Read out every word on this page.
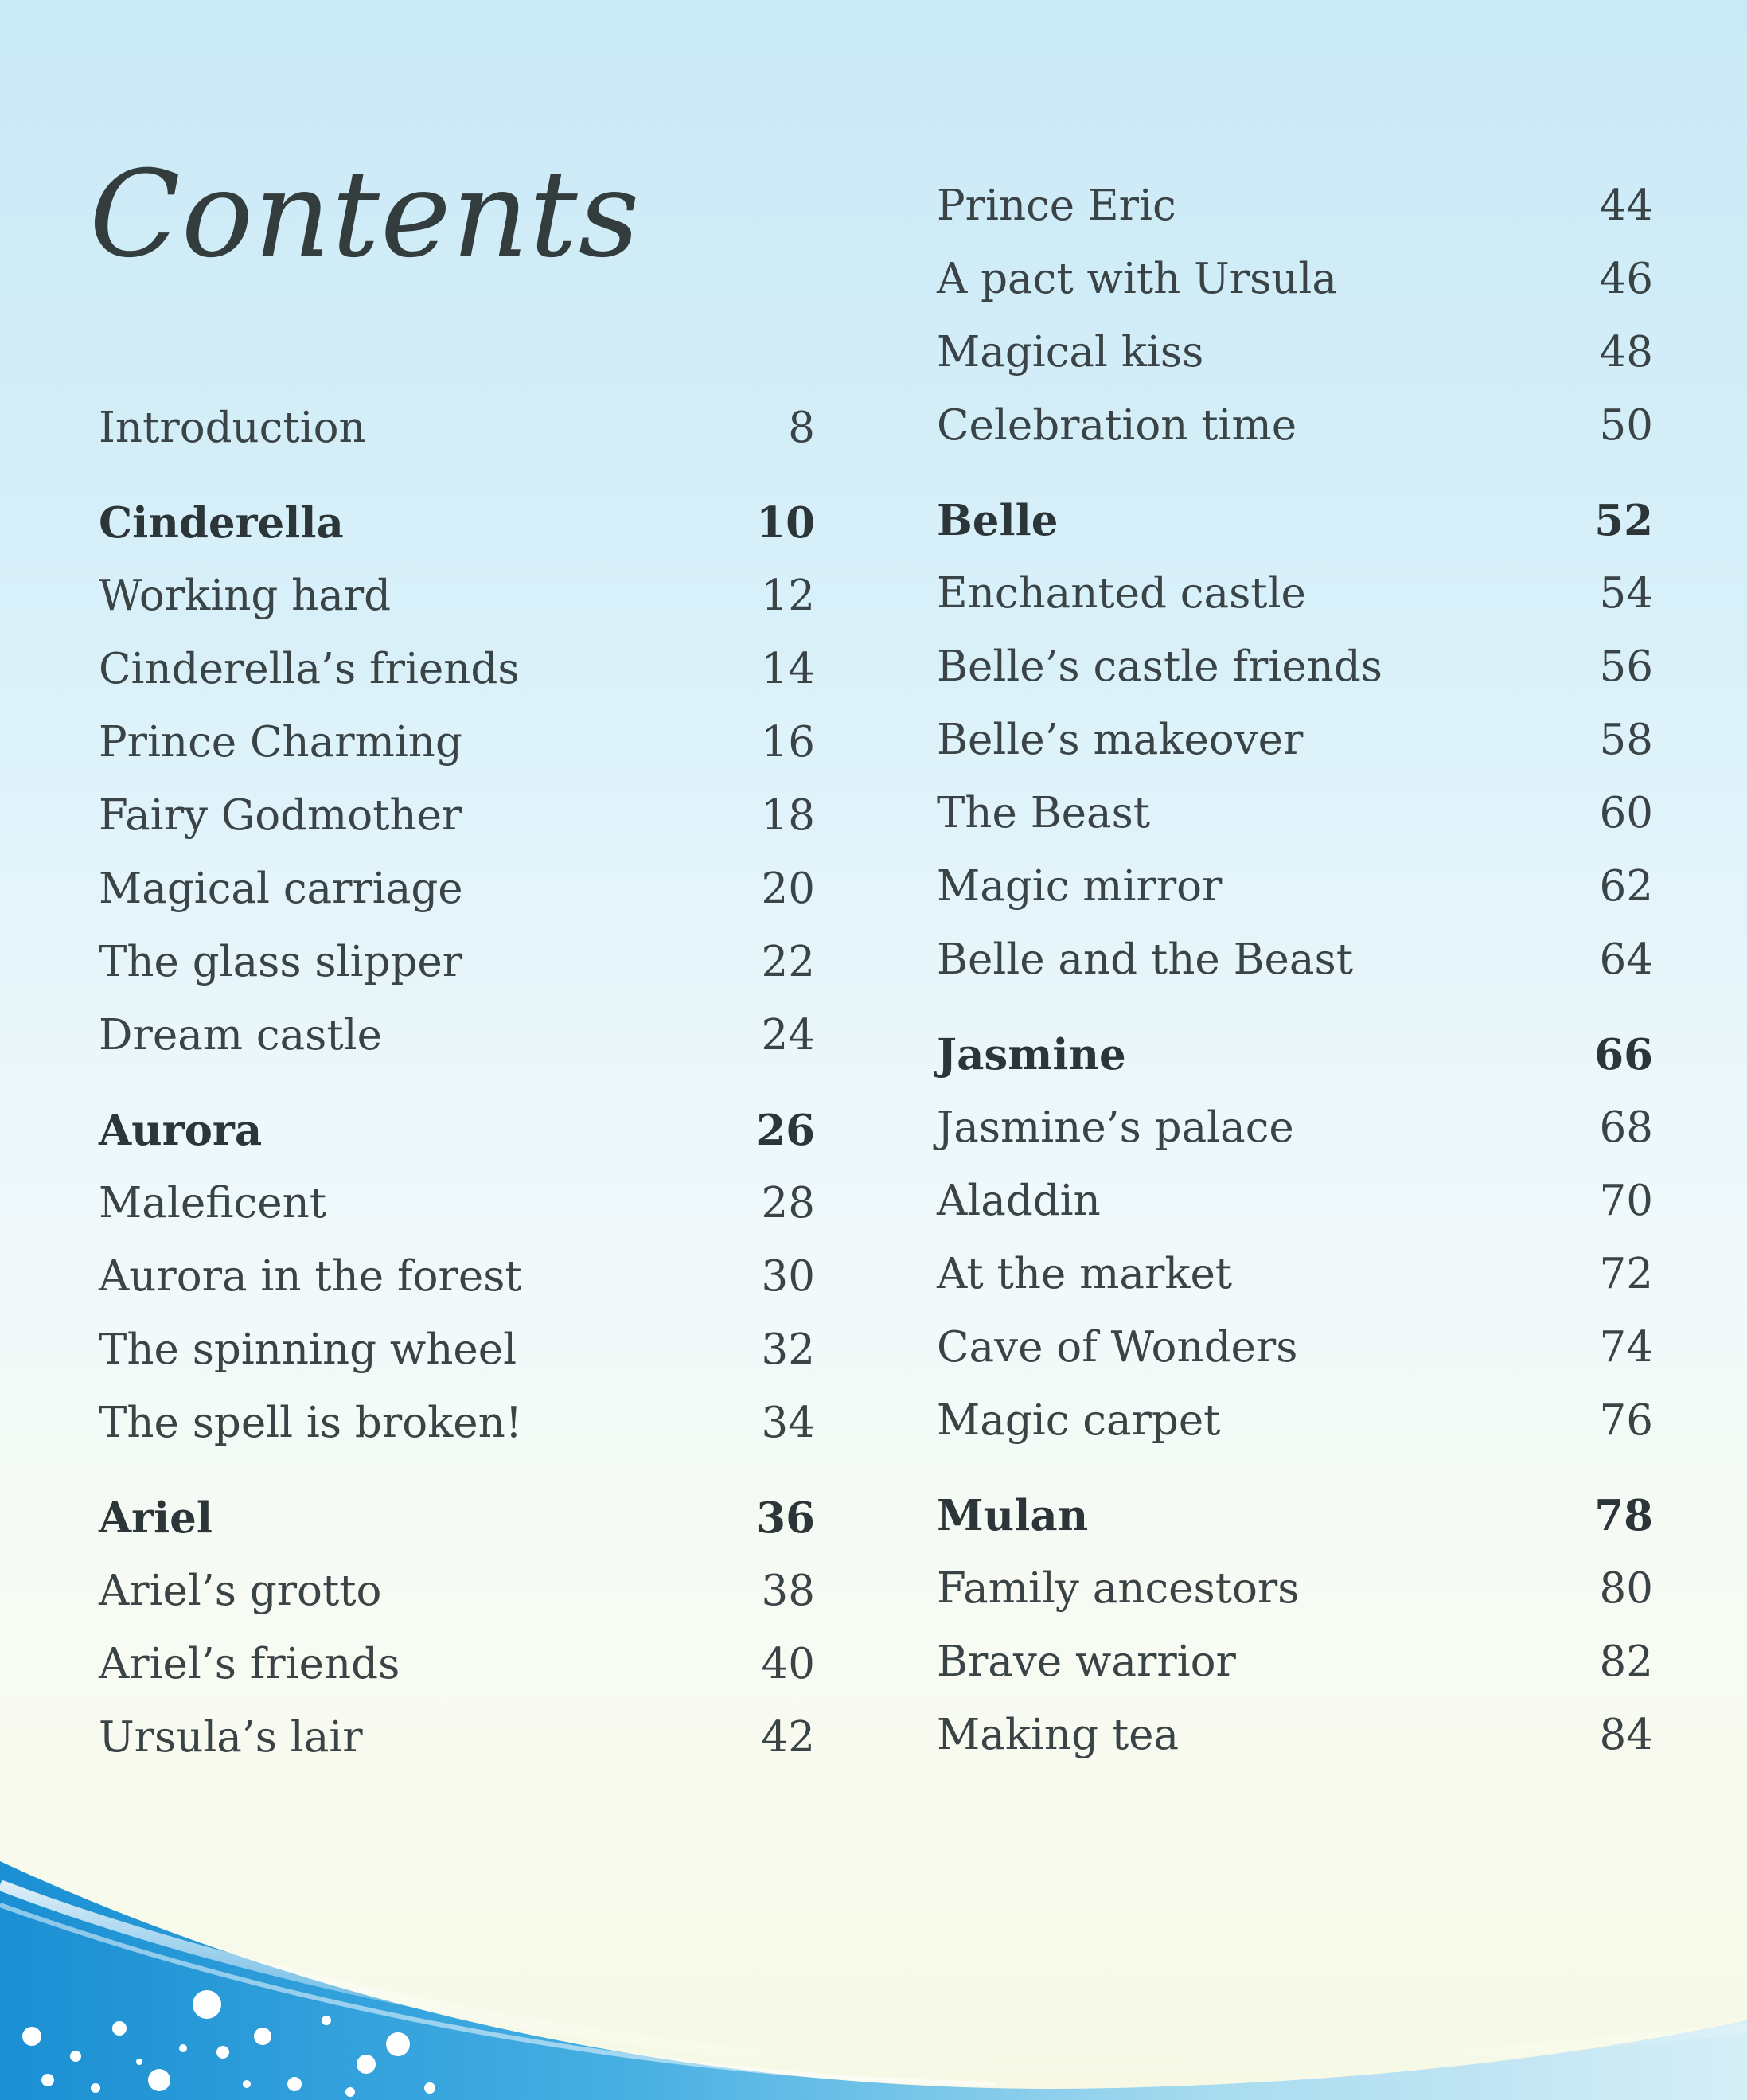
Contents
Introduction	8
Cinderella	10
Working hard	12
Cinderella’s friends	14
Prince Charming	16
Fairy Godmother	18
Magical carriage	20
The glass slipper	22
Dream castle	24
Aurora	26
Maleficent	28
Aurora in the forest	30
The spinning wheel	32
The spell is broken!	34
Ariel	36
Ariel’s grotto	38
Ariel’s friends	40
Ursula’s lair	42
Prince Eric	44
A pact with Ursula	46
Magical kiss	48
Celebration time	50
Belle	52
Enchanted castle	54
Belle’s castle friends	56
Belle’s makeover	58
The Beast	60
Magic mirror	62
Belle and the Beast	64
Jasmine	66
Jasmine’s palace	68
Aladdin	70
At the market	72
Cave of Wonders	74
Magic carpet	76
Mulan	78
Family ancestors	80
Brave warrior	82
Making tea	84
